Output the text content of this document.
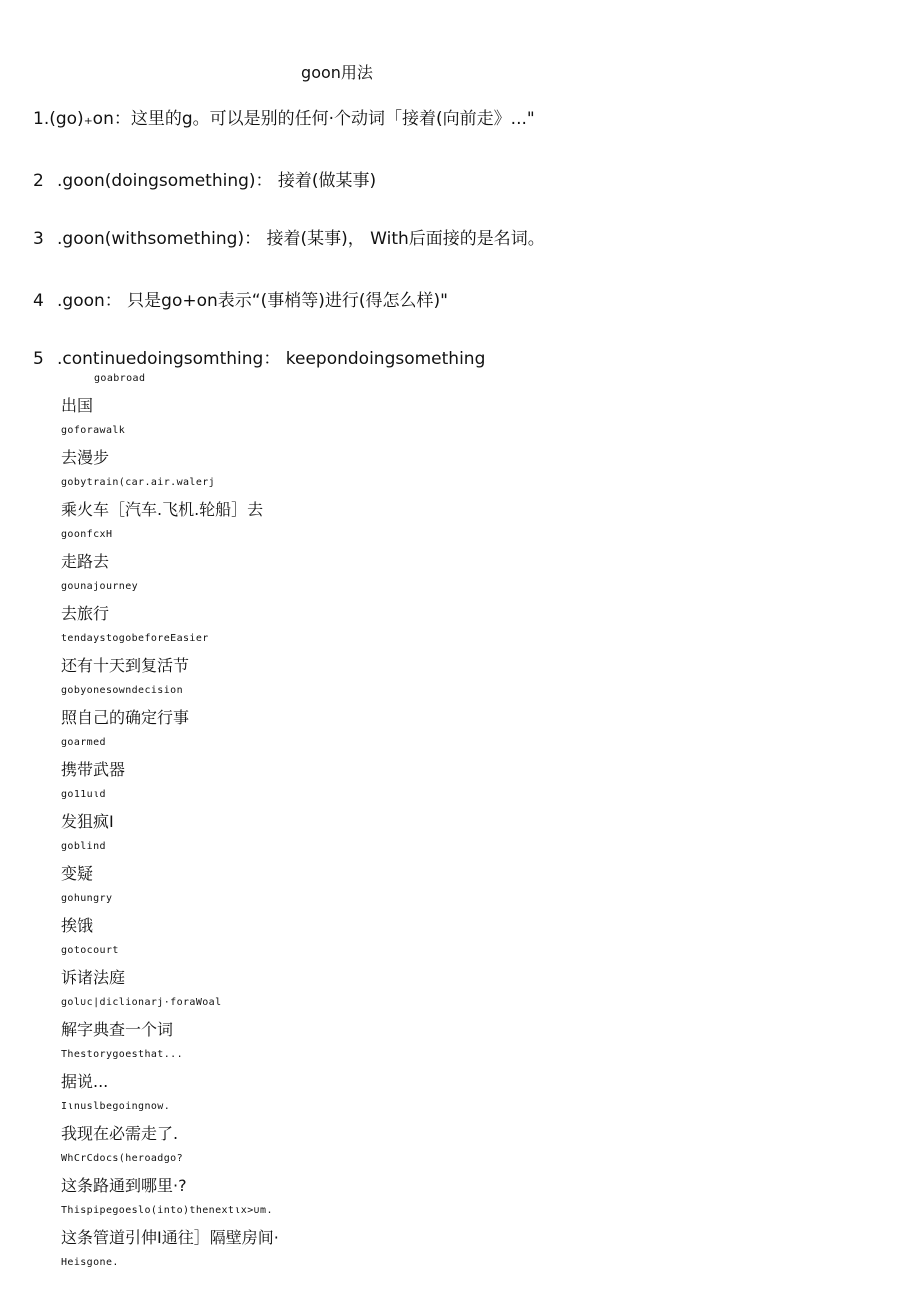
goon用法
1.(go)₊on：这里的g。可以是别的任何·个动词「接着(向前走》..."
2 .goon(doingsomething)： 接着(做某事)
3 .goon(withsomething)： 接着(某事)， With后面接的是名词。
4 .goon： 只是go+on表示“(事梢等)进行(得怎么样)"
5 .continuedoingsomthing： keepondoingsomething
goabroad
出国
goforawalk
去漫步
gobytrain(car.air.walerj
乘火车［汽车.飞机.轮船］去
goonfcxH
走路去
go∪najourney
去旅行
tendaystogobeforeEasier
还有十天到复活节
gobyonesowndecision
照自己的确定行事
goarmed
携带武器
go11uιd
发狙疯I
goblind
变疑
gohungry
挨饿
gotocourt
诉诸法庭
gol∪c|diclionarj·foraWoal
解字典查一个词
Thestorygoesthat...
据说...
Iιnuslbegoingnow.
我现在必需走了.
WhCrCdocs(heroadgo?
这条路通到哪里·?
Thispipegoeslo(into)thenextιx>∪m.
这条管道引伸I通往］隔壁房间·
Heisgone.
